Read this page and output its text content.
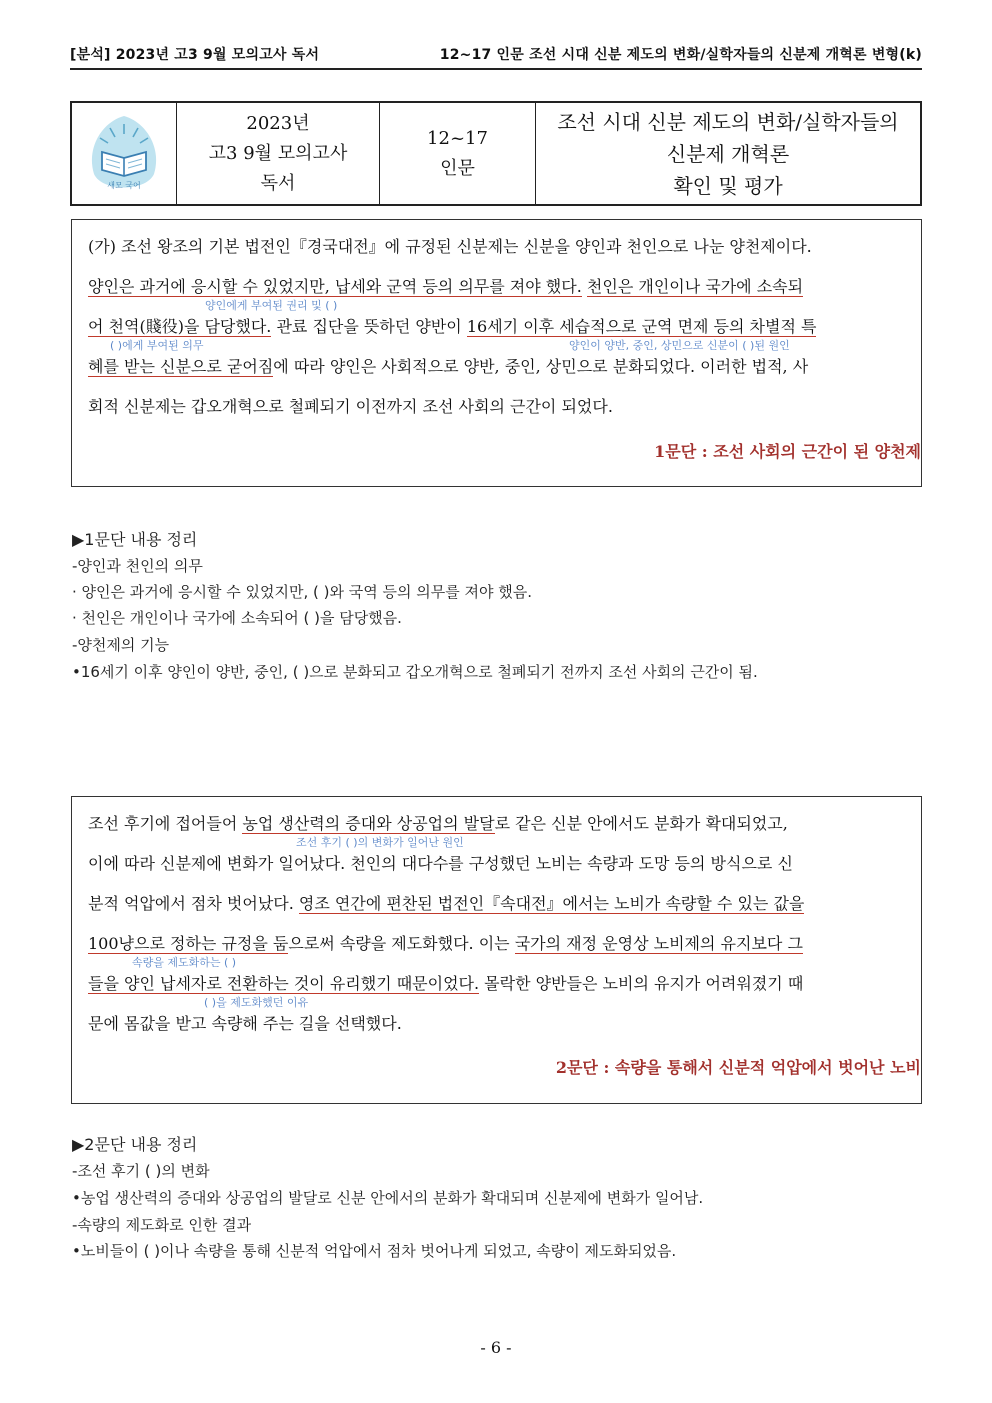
[분석] 2023년 고3 9월 모의고사 독서	12~17 인문 조선 시대 신분 제도의 변화/실학자들의 신분제 개혁론 변형(k)
새모 국어
2023년
고3 9월 모의고사
독서
12~17
인문
조선 시대 신분 제도의 변화/실학자들의
신분제 개혁론
확인 및 평가
(가) 조선 왕조의 기본 법전인『경국대전』에 규정된 신분제는 신분을 양인과 천인으로 나눈 양천제이다.
양인은 과거에 응시할 수 있었지만, 납세와 군역 등의 의무를 져야 했다. 천인은 개인이나 국가에 소속되
양인에게 부여된 권리 및 ( )
어 천역(賤役)을 담당했다. 관료 집단을 뜻하던 양반이 16세기 이후 세습적으로 군역 면제 등의 차별적 특
( )에게 부여된 의무	양인이 양반, 중인, 상민으로 신분이 ( )된 원인
혜를 받는 신분으로 굳어짐에 따라 양인은 사회적으로 양반, 중인, 상민으로 분화되었다. 이러한 법적, 사
회적 신분제는 갑오개혁으로 철폐되기 이전까지 조선 사회의 근간이 되었다.
1문단 : 조선 사회의 근간이 된 양천제
▶1문단 내용 정리
-양인과 천인의 의무
· 양인은 과거에 응시할 수 있었지만, ( )와 국역 등의 의무를 져야 했음.
· 천인은 개인이나 국가에 소속되어 ( )을 담당했음.
-양천제의 기능
•16세기 이후 양인이 양반, 중인, ( )으로 분화되고 갑오개혁으로 철폐되기 전까지 조선 사회의 근간이 됨.
조선 후기에 접어들어 농업 생산력의 증대와 상공업의 발달로 같은 신분 안에서도 분화가 확대되었고,
조선 후기 ( )의 변화가 일어난 원인
이에 따라 신분제에 변화가 일어났다. 천인의 대다수를 구성했던 노비는 속량과 도망 등의 방식으로 신
분적 억압에서 점차 벗어났다. 영조 연간에 편찬된 법전인『속대전』에서는 노비가 속량할 수 있는 값을
100냥으로 정하는 규정을 둠으로써 속량을 제도화했다. 이는 국가의 재정 운영상 노비제의 유지보다 그
속량을 제도화하는 ( )
들을 양인 납세자로 전환하는 것이 유리했기 때문이었다. 몰락한 양반들은 노비의 유지가 어려워졌기 때
( )을 제도화했던 이유
문에 몸값을 받고 속량해 주는 길을 선택했다.
2문단 : 속량을 통해서 신분적 억압에서 벗어난 노비
▶2문단 내용 정리
-조선 후기 ( )의 변화
•농업 생산력의 증대와 상공업의 발달로 신분 안에서의 분화가 확대되며 신분제에 변화가 일어남.
-속량의 제도화로 인한 결과
•노비들이 ( )이나 속량을 통해 신분적 억압에서 점차 벗어나게 되었고, 속량이 제도화되었음.
- 6 -
